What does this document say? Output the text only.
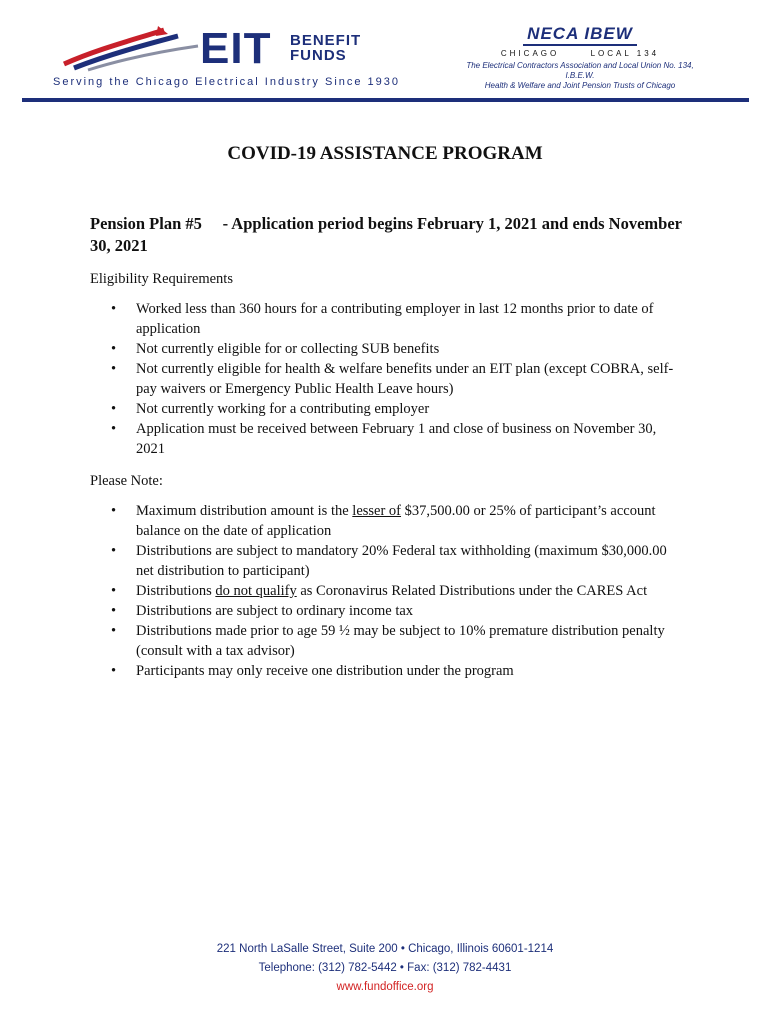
EIT BENEFIT
FUNDS
Serving the Chicago Electrical Industry Since 1930
NECA IBEW
CHICAGO	LOCAL 134
The Electrical Contractors Association and Local Union No. 134, I.B.E.W.
Health & Welfare and Joint Pension Trusts of Chicago
COVID-19 ASSISTANCE PROGRAM

Pension Plan #5     - Application period begins February 1, 2021 and ends November 30, 2021

Eligibility Requirements
• Worked less than 360 hours for a contributing employer in last 12 months prior to date of application
• Not currently eligible for or collecting SUB benefits
• Not currently eligible for health & welfare benefits under an EIT plan (except COBRA, self-pay waivers or Emergency Public Health Leave hours)
• Not currently working for a contributing employer
• Application must be received between February 1 and close of business on November 30, 2021
Please Note:
• Maximum distribution amount is the lesser of $37,500.00 or 25% of participant’s account balance on the date of application
• Distributions are subject to mandatory 20% Federal tax withholding (maximum $30,000.00 net distribution to participant)
• Distributions do not qualify as Coronavirus Related Distributions under the CARES Act
• Distributions are subject to ordinary income tax
• Distributions made prior to age 59 ½ may be subject to 10% premature distribution penalty (consult with a tax advisor)
• Participants may only receive one distribution under the program
221 North LaSalle Street, Suite 200 • Chicago, Illinois 60601-1214
Telephone: (312) 782-5442 • Fax: (312) 782-4431
www.fundoffice.org
